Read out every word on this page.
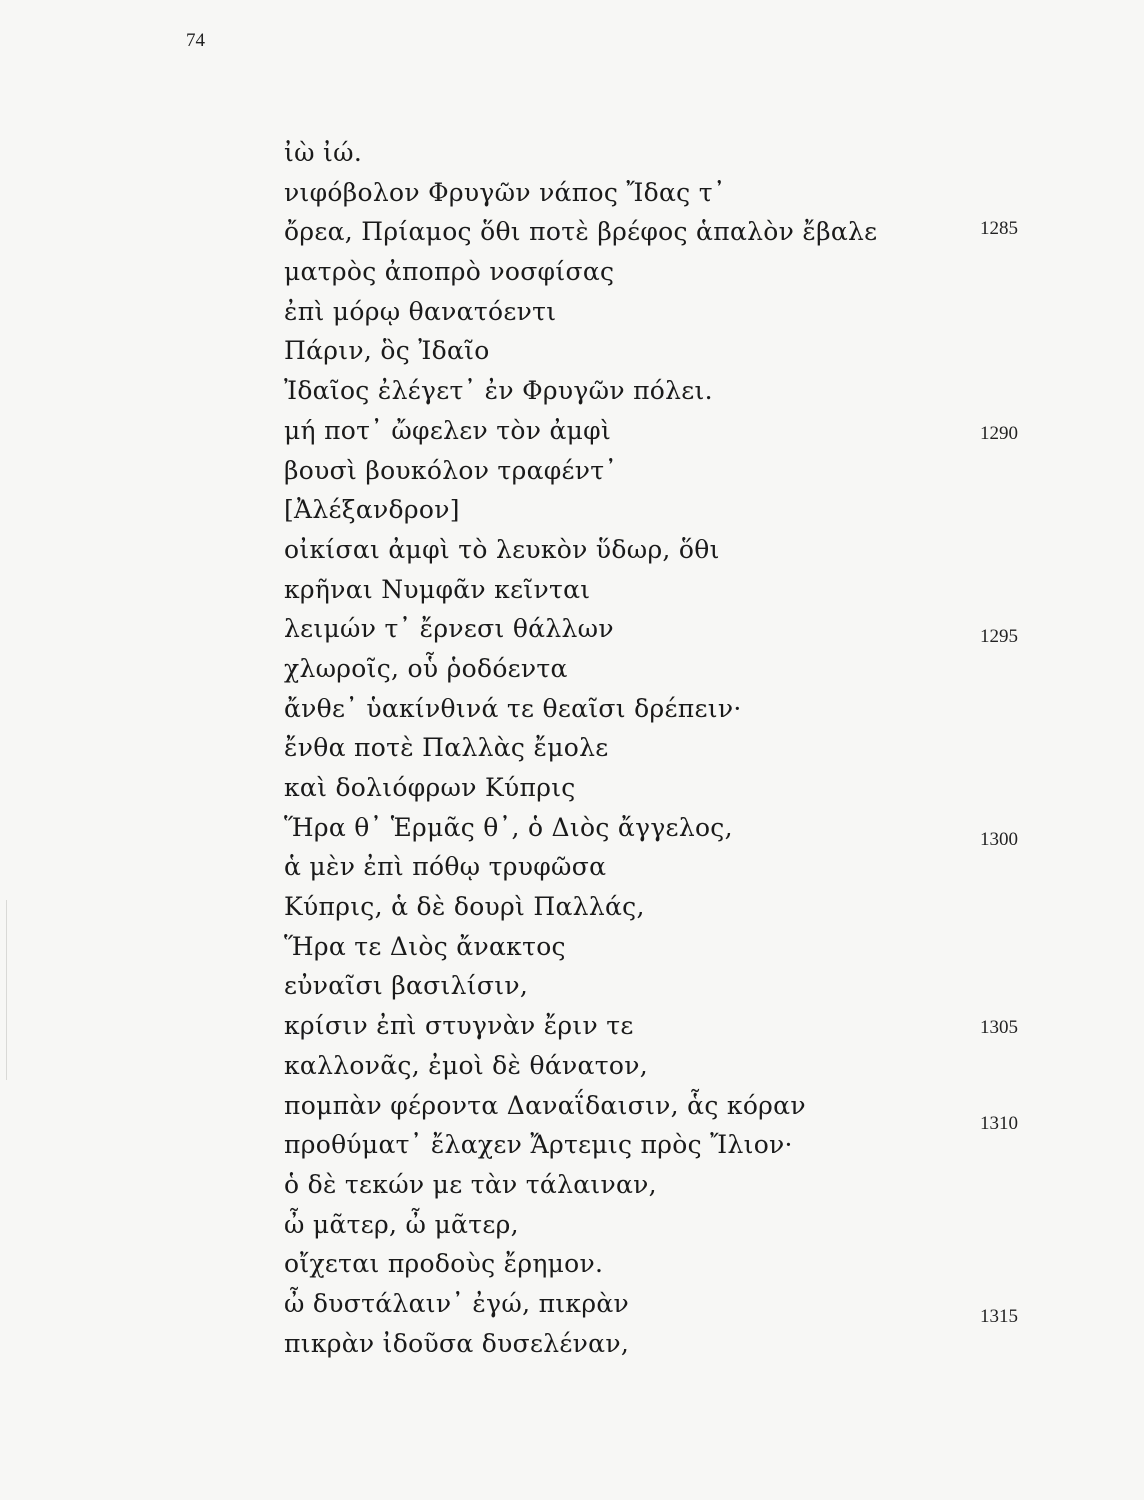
74
ἰὼ ἰώ.
νιφόβολον Φρυγῶν νάπος Ἴδας τ᾽
ὄρεα, Πρίαμος ὅθι ποτὲ βρέφος ἁπαλὸν ἔβαλε
ματρὸς ἀποπρὸ νοσφίσας
ἐπὶ μόρῳ θανατόεντι
Πάριν, ὃς Ἰδαῖο
Ἰδαῖος ἐλέγετ᾽ ἐν Φρυγῶν πόλει.
μή ποτ᾽ ὤφελεν τὸν ἀμφὶ
βουσὶ βουκόλον τραφέντ᾽
[Ἀλέξανδρον]
οἰκίσαι ἀμφὶ τὸ λευκὸν ὕδωρ, ὅθι
κρῆναι Νυμφᾶν κεῖνται
λειμών τ᾽ ἔρνεσι θάλλων
χλωροῖς, οὗ ῥοδόεντα
ἄνθε᾽ ὑακίνθινά τε θεαῖσι δρέπειν·
ἔνθα ποτὲ Παλλὰς ἔμολε
καὶ δολιόφρων Κύπρις
Ἥρα θ᾽ Ἑρμᾶς θ᾽, ὁ Διὸς ἄγγελος,
ἁ μὲν ἐπὶ πόθῳ τρυφῶσα
Κύπρις, ἁ δὲ δουρὶ Παλλάς,
Ἥρα τε Διὸς ἄνακτος
εὐναῖσι βασιλίσιν,
κρίσιν ἐπὶ στυγνὰν ἔριν τε
καλλονᾶς, ἐμοὶ δὲ θάνατον,
πομπὰν φέροντα Δαναΐδαισιν, ἇς κόραν
προθύματ᾽ ἔλαχεν Ἄρτεμις πρὸς Ἴλιον·
ὁ δὲ τεκών με τὰν τάλαιναν,
ὦ μᾶτερ, ὦ μᾶτερ,
οἴχεται προδοὺς ἔρημον.
ὦ δυστάλαιν᾽ ἐγώ, πικρὰν
πικρὰν ἰδοῦσα δυσελέναν,
1285
1290
1295
1300
1305
1310
1315
